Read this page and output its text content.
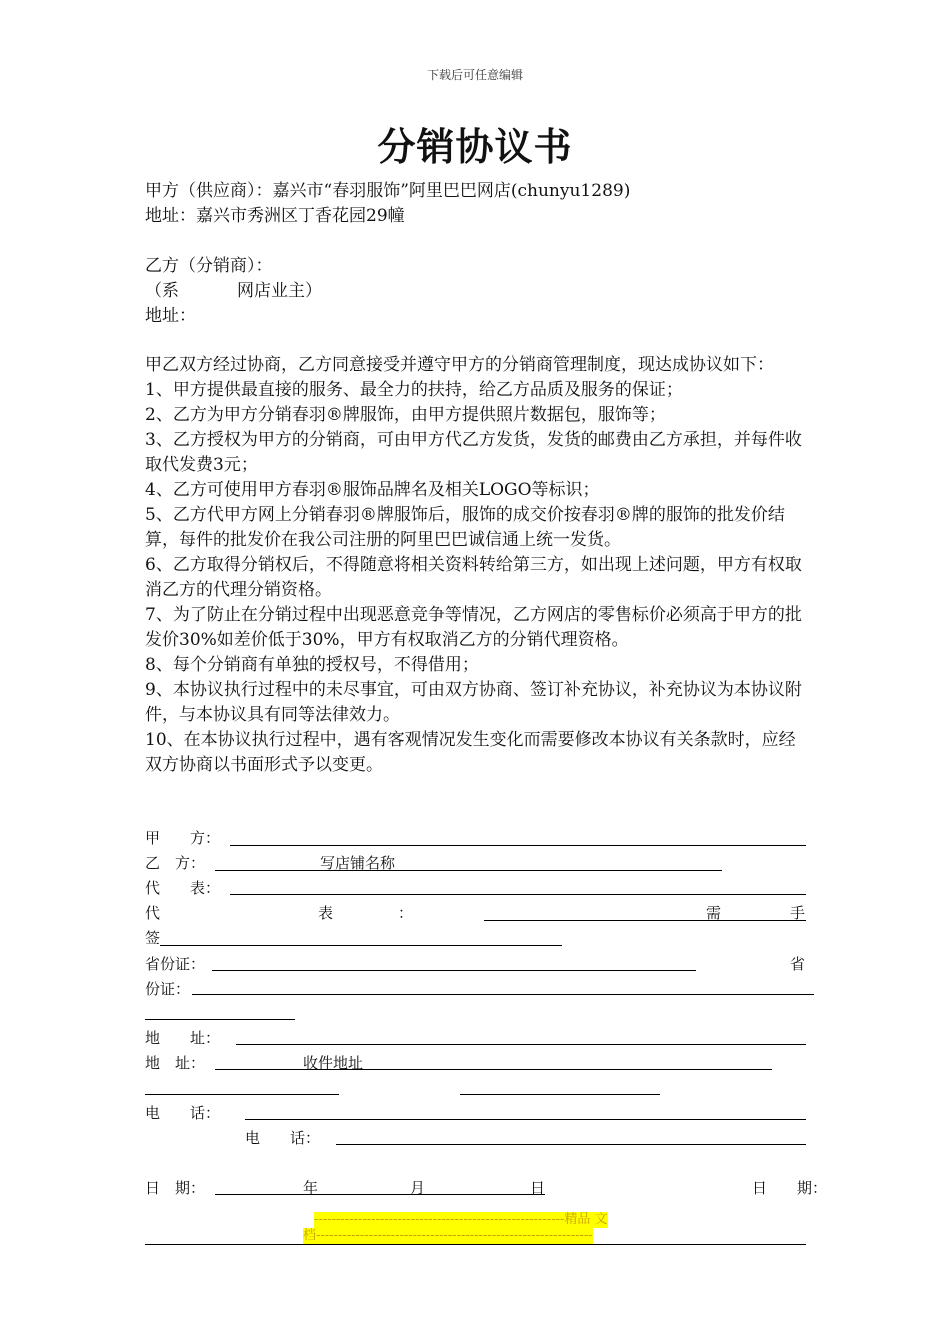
下载后可任意编辑
分销协议书
甲方（供应商）：嘉兴市“春羽服饰”阿里巴巴网店(chunyu1289)
地址：嘉兴市秀洲区丁香花园29幢
乙方（分销商）：
（系	网店业主）
地址：

甲乙双方经过协商，乙方同意接受并遵守甲方的分销商管理制度，现达成协议如下：

1、甲方提供最直接的服务、最全力的扶持，给乙方品质及服务的保证；

2、乙方为甲方分销春羽®牌服饰，由甲方提供照片数据包，服饰等；

3、乙方授权为甲方的分销商，可由甲方代乙方发货，发货的邮费由乙方承担，并每件收取代发费3元；

4、乙方可使用甲方春羽®服饰品牌名及相关LOGO等标识；

5、乙方代甲方网上分销春羽®牌服饰后，服饰的成交价按春羽®牌的服饰的批发价结算，每件的批发价在我公司注册的阿里巴巴诚信通上统一发货。

6、乙方取得分销权后，不得随意将相关资料转给第三方，如出现上述问题，甲方有权取消乙方的代理分销资格。

7、为了防止在分销过程中出现恶意竞争等情况，乙方网店的零售标价必须高于甲方的批发价30%如差价低于30%，甲方有权取消乙方的分销代理资格。

8、每个分销商有单独的授权号，不得借用；

9、本协议执行过程中的未尽事宜，可由双方协商、签订补充协议，补充协议为本协议附件，与本协议具有同等法律效力。

10、在本协议执行过程中，遇有客观情况发生变化而需要修改本协议有关条款时，应经双方协商以书面形式予以变更。

甲　　方：
乙　方：	写店铺名称
代　　表：
代	表	：	需	手
签
省份证：	省
份证：
地　　址：
地　址：	收件地址
电　　话：
电　　话：
日　期：	年	月	日	日　　期：
---------------------------------------------------------精品 文
档---------------------------------------------------------------
